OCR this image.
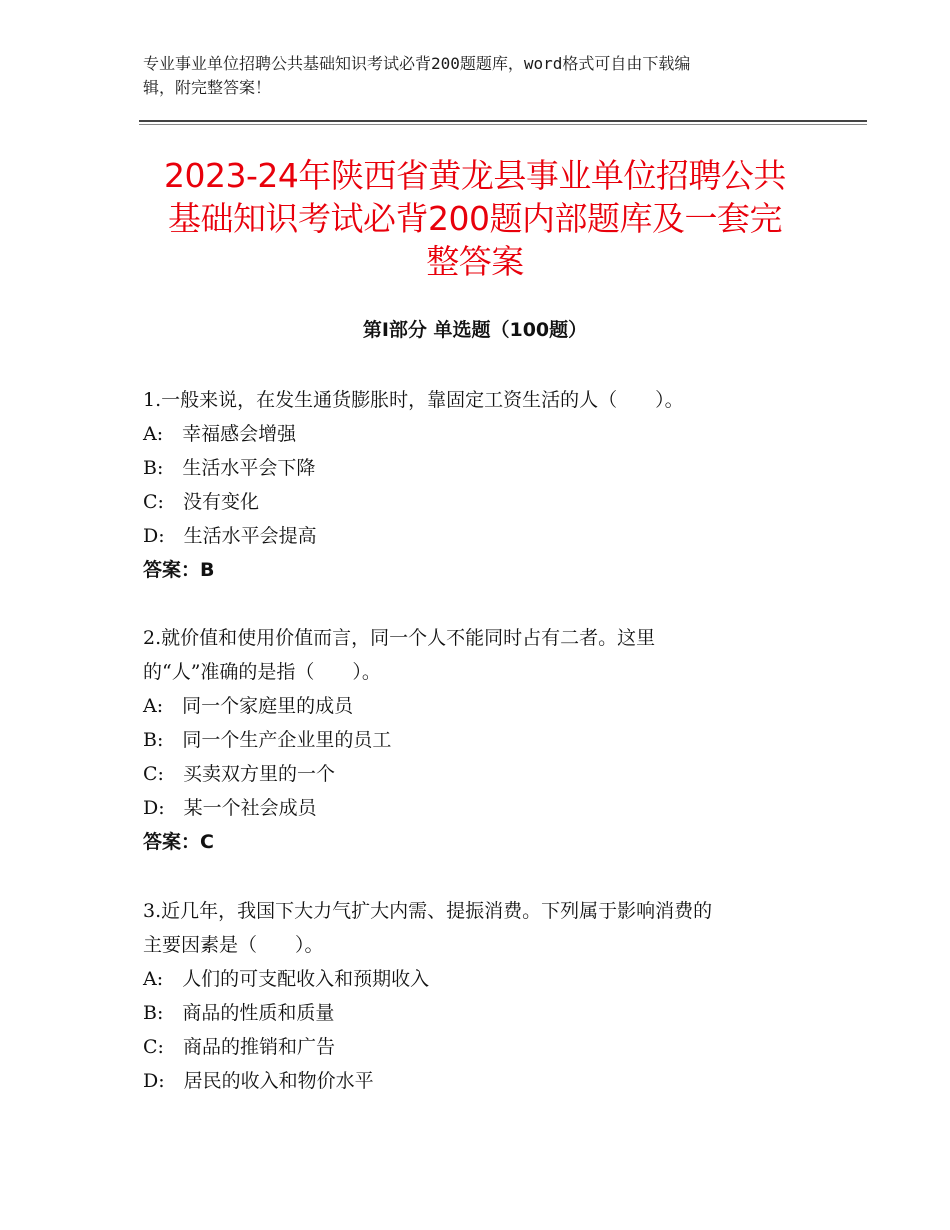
专业事业单位招聘公共基础知识考试必背200题题库，word格式可自由下载编
辑，附完整答案！
2023-24年陕西省黄龙县事业单位招聘公共
基础知识考试必背200题内部题库及一套完
整答案
第Ⅰ部分 单选题（100题）
1.一般来说，在发生通货膨胀时，靠固定工资生活的人（　　）。
A:　幸福感会增强
B:　生活水平会下降
C:　没有变化
D:　生活水平会提高
答案：B
2.就价值和使用价值而言，同一个人不能同时占有二者。这里
的“人”准确的是指（　　）。
A:　同一个家庭里的成员
B:　同一个生产企业里的员工
C:　买卖双方里的一个
D:　某一个社会成员
答案：C
3.近几年，我国下大力气扩大内需、提振消费。下列属于影响消费的
主要因素是（　　）。
A:　人们的可支配收入和预期收入
B:　商品的性质和质量
C:　商品的推销和广告
D:　居民的收入和物价水平
